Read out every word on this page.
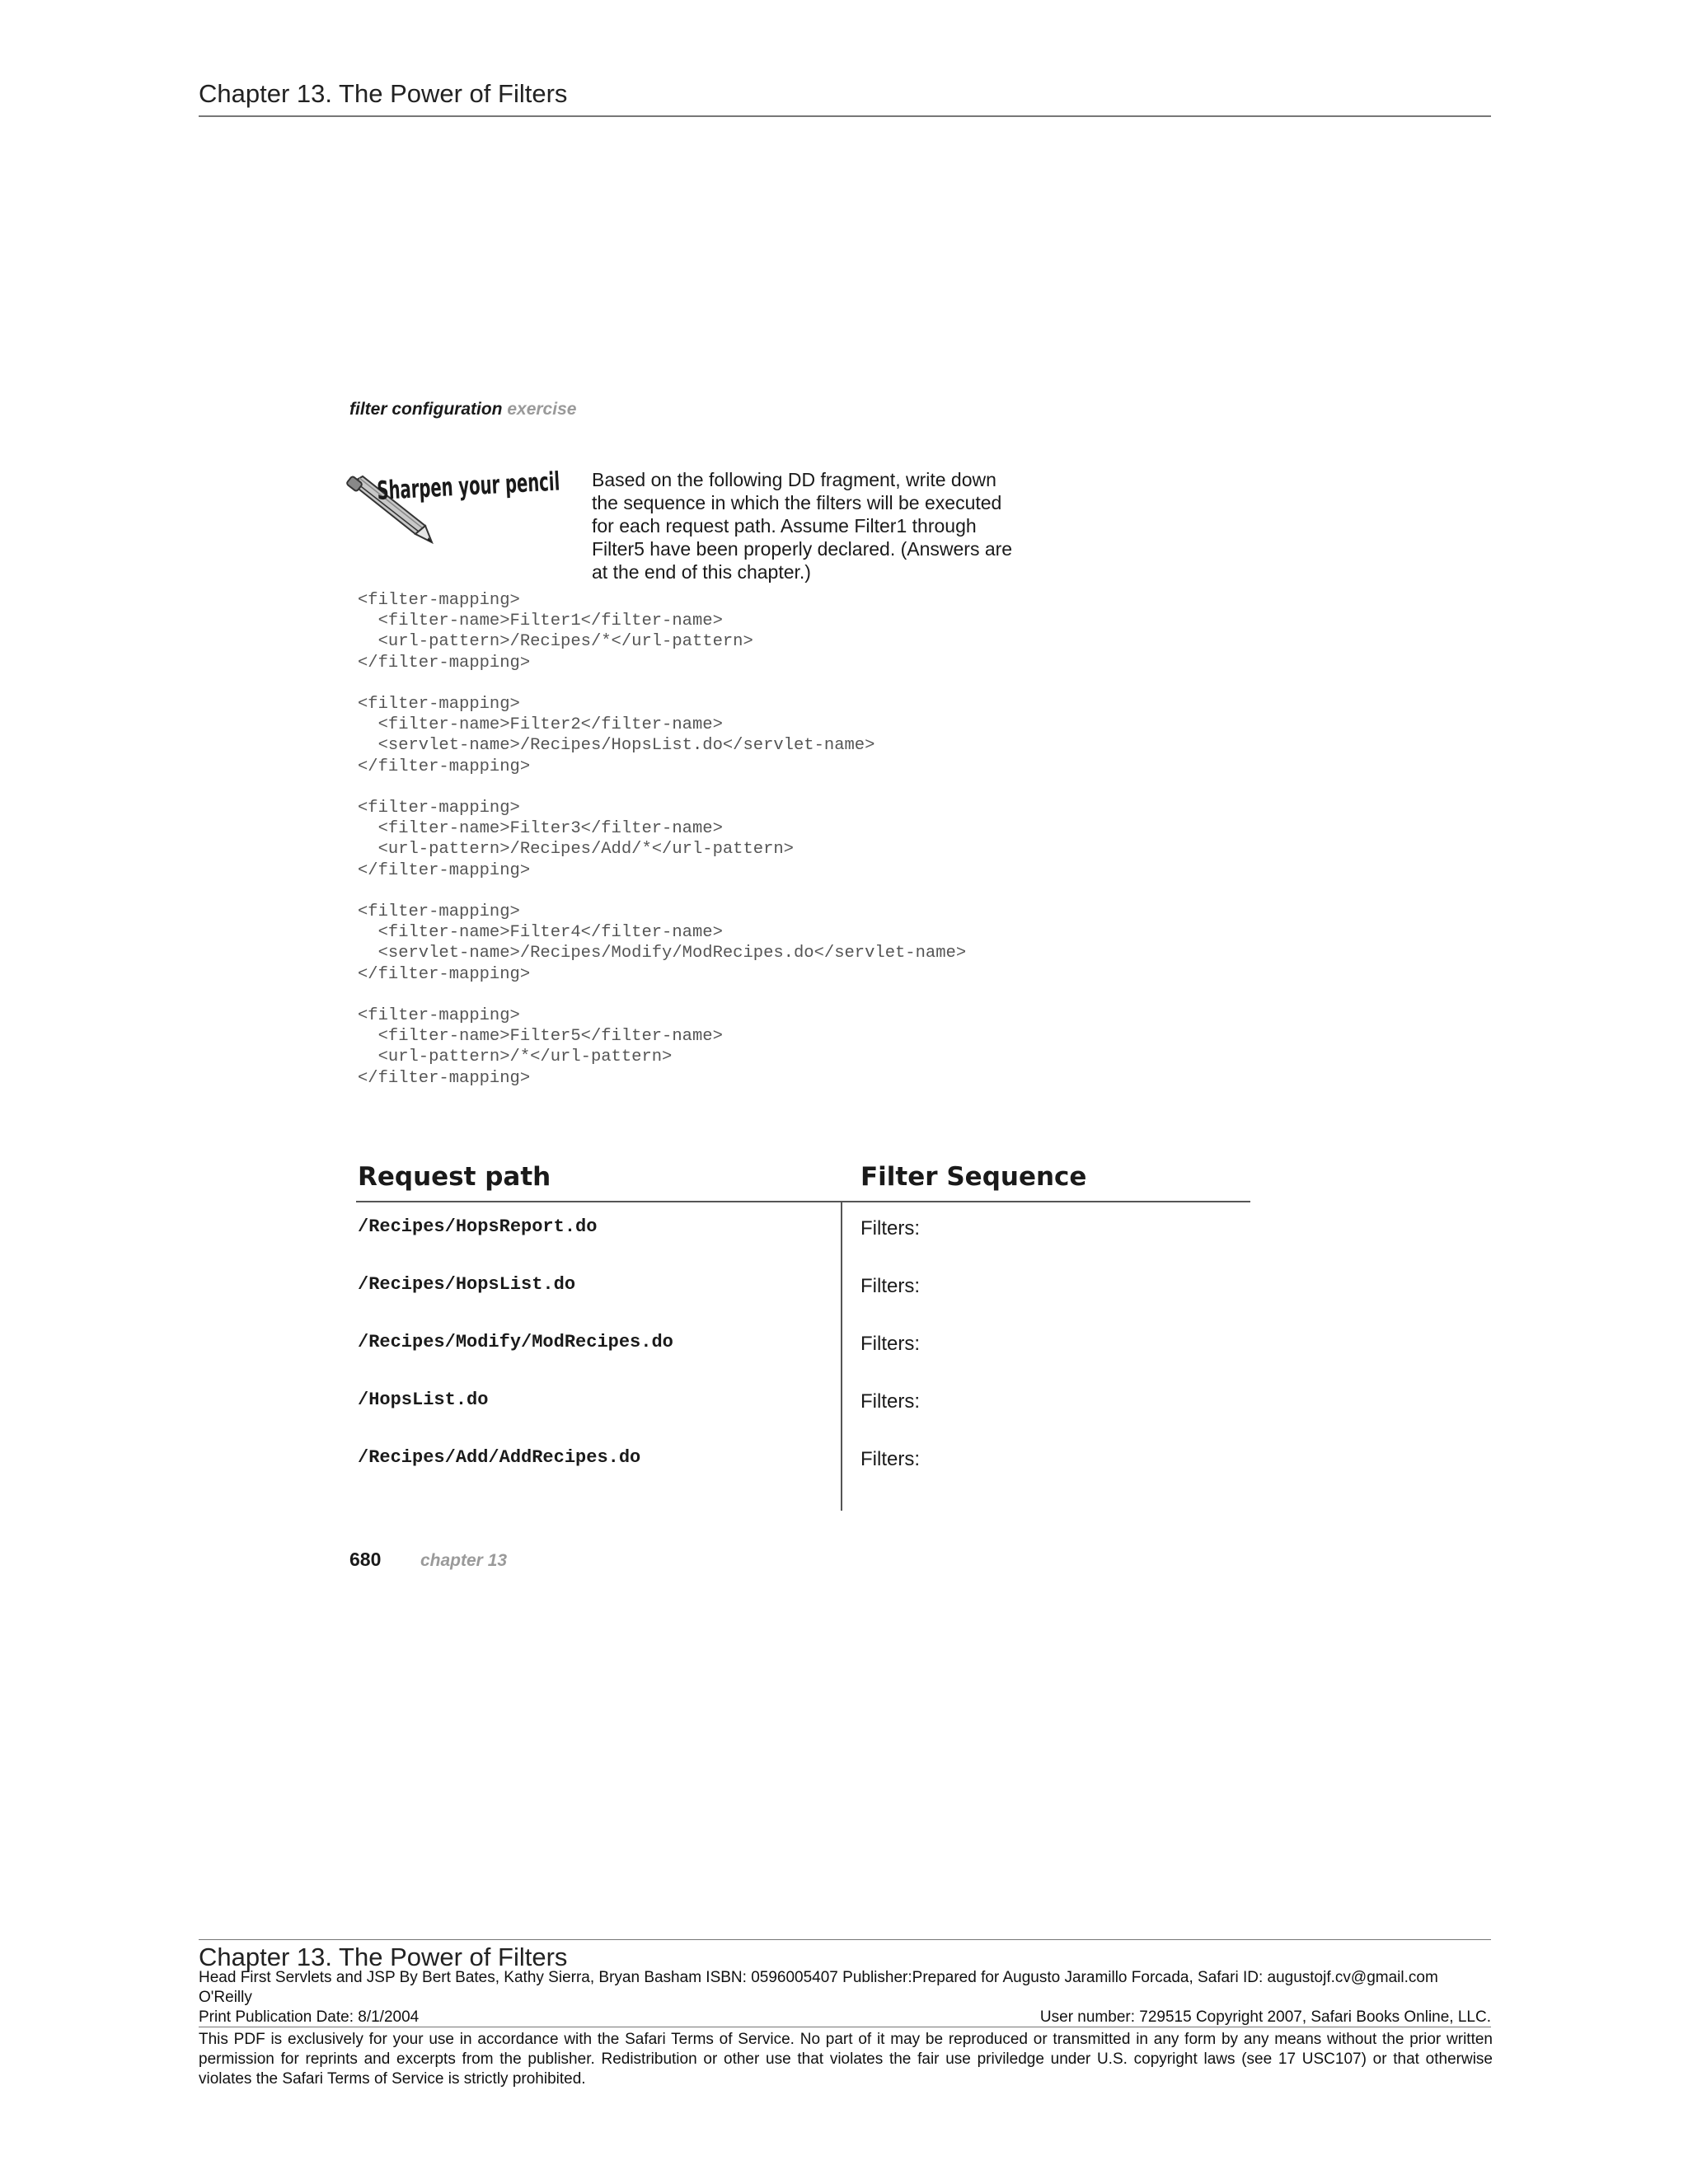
Chapter 13. The Power of Filters
filter configuration exercise
Sharpen your pencil
Based on the following DD fragment, write down the sequence in which the filters will be executed for each request path. Assume Filter1 through Filter5 have been properly declared. (Answers are at the end of this chapter.)
<filter-mapping>
<filter-name>Filter1</filter-name>
<url-pattern>/Recipes/*</url-pattern>
</filter-mapping>

<filter-mapping>
<filter-name>Filter2</filter-name>
<servlet-name>/Recipes/HopsList.do</servlet-name>
</filter-mapping>

<filter-mapping>
<filter-name>Filter3</filter-name>
<url-pattern>/Recipes/Add/*</url-pattern>
</filter-mapping>

<filter-mapping>
<filter-name>Filter4</filter-name>
<servlet-name>/Recipes/Modify/ModRecipes.do</servlet-name>
</filter-mapping>

<filter-mapping>
<filter-name>Filter5</filter-name>
<url-pattern>/*</url-pattern>
</filter-mapping>
Request path	Filter Sequence
/Recipes/HopsReport.do	Filters:
/Recipes/HopsList.do	Filters:
/Recipes/Modify/ModRecipes.do	Filters:
/HopsList.do	Filters:
/Recipes/Add/AddRecipes.do	Filters:
680 chapter 13
Chapter 13. The Power of Filters
Head First Servlets and JSP By Bert Bates, Kathy Sierra, Bryan Basham ISBN: 0596005407 Publisher:Prepared for Augusto Jaramillo Forcada, Safari ID: augustojf.cv@gmail.com
O'Reilly
Print Publication Date: 8/1/2004	User number: 729515 Copyright 2007, Safari Books Online, LLC.
This PDF is exclusively for your use in accordance with the Safari Terms of Service. No part of it may be reproduced or transmitted in any form by any means without the prior written permission for reprints and excerpts from the publisher. Redistribution or other use that violates the fair use priviledge under U.S. copyright laws (see 17 USC107) or that otherwise violates the Safari Terms of Service is strictly prohibited.
